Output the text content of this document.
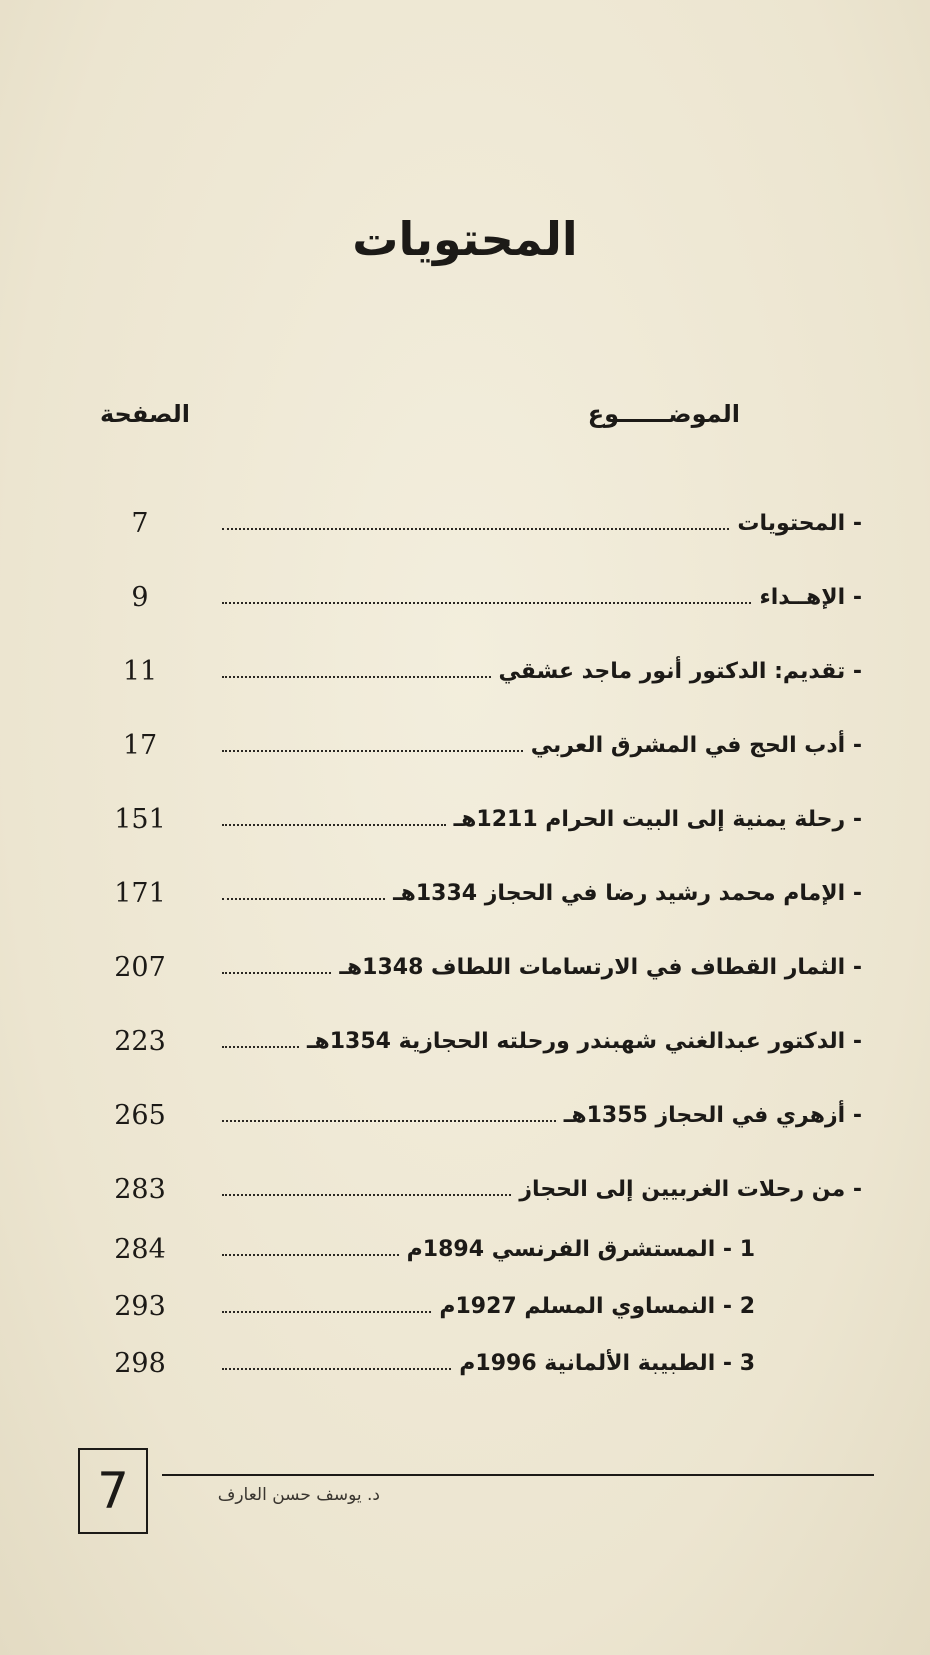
المحتويات
الموضــــــوع
الصفحة
7	- المحتويات
9	- الإهــداء
11	- تقديم: الدكتور أنور ماجد عشقي
17	- أدب الحج في المشرق العربي
151	- رحلة يمنية إلى البيت الحرام 1211هـ
171	- الإمام محمد رشيد رضا في الحجاز 1334هـ
207	- الثمار القطاف في الارتسامات اللطاف 1348هـ
223	- الدكتور عبدالغني شهبندر ورحلته الحجازية 1354هـ
265	- أزهري في الحجاز 1355هـ
283	- من رحلات الغربيين إلى الحجاز
284	1 - المستشرق الفرنسي 1894م
293	2 - النمساوي المسلم 1927م
298	3 - الطبيبة الألمانية 1996م
7	د. يوسف حسن العارف
